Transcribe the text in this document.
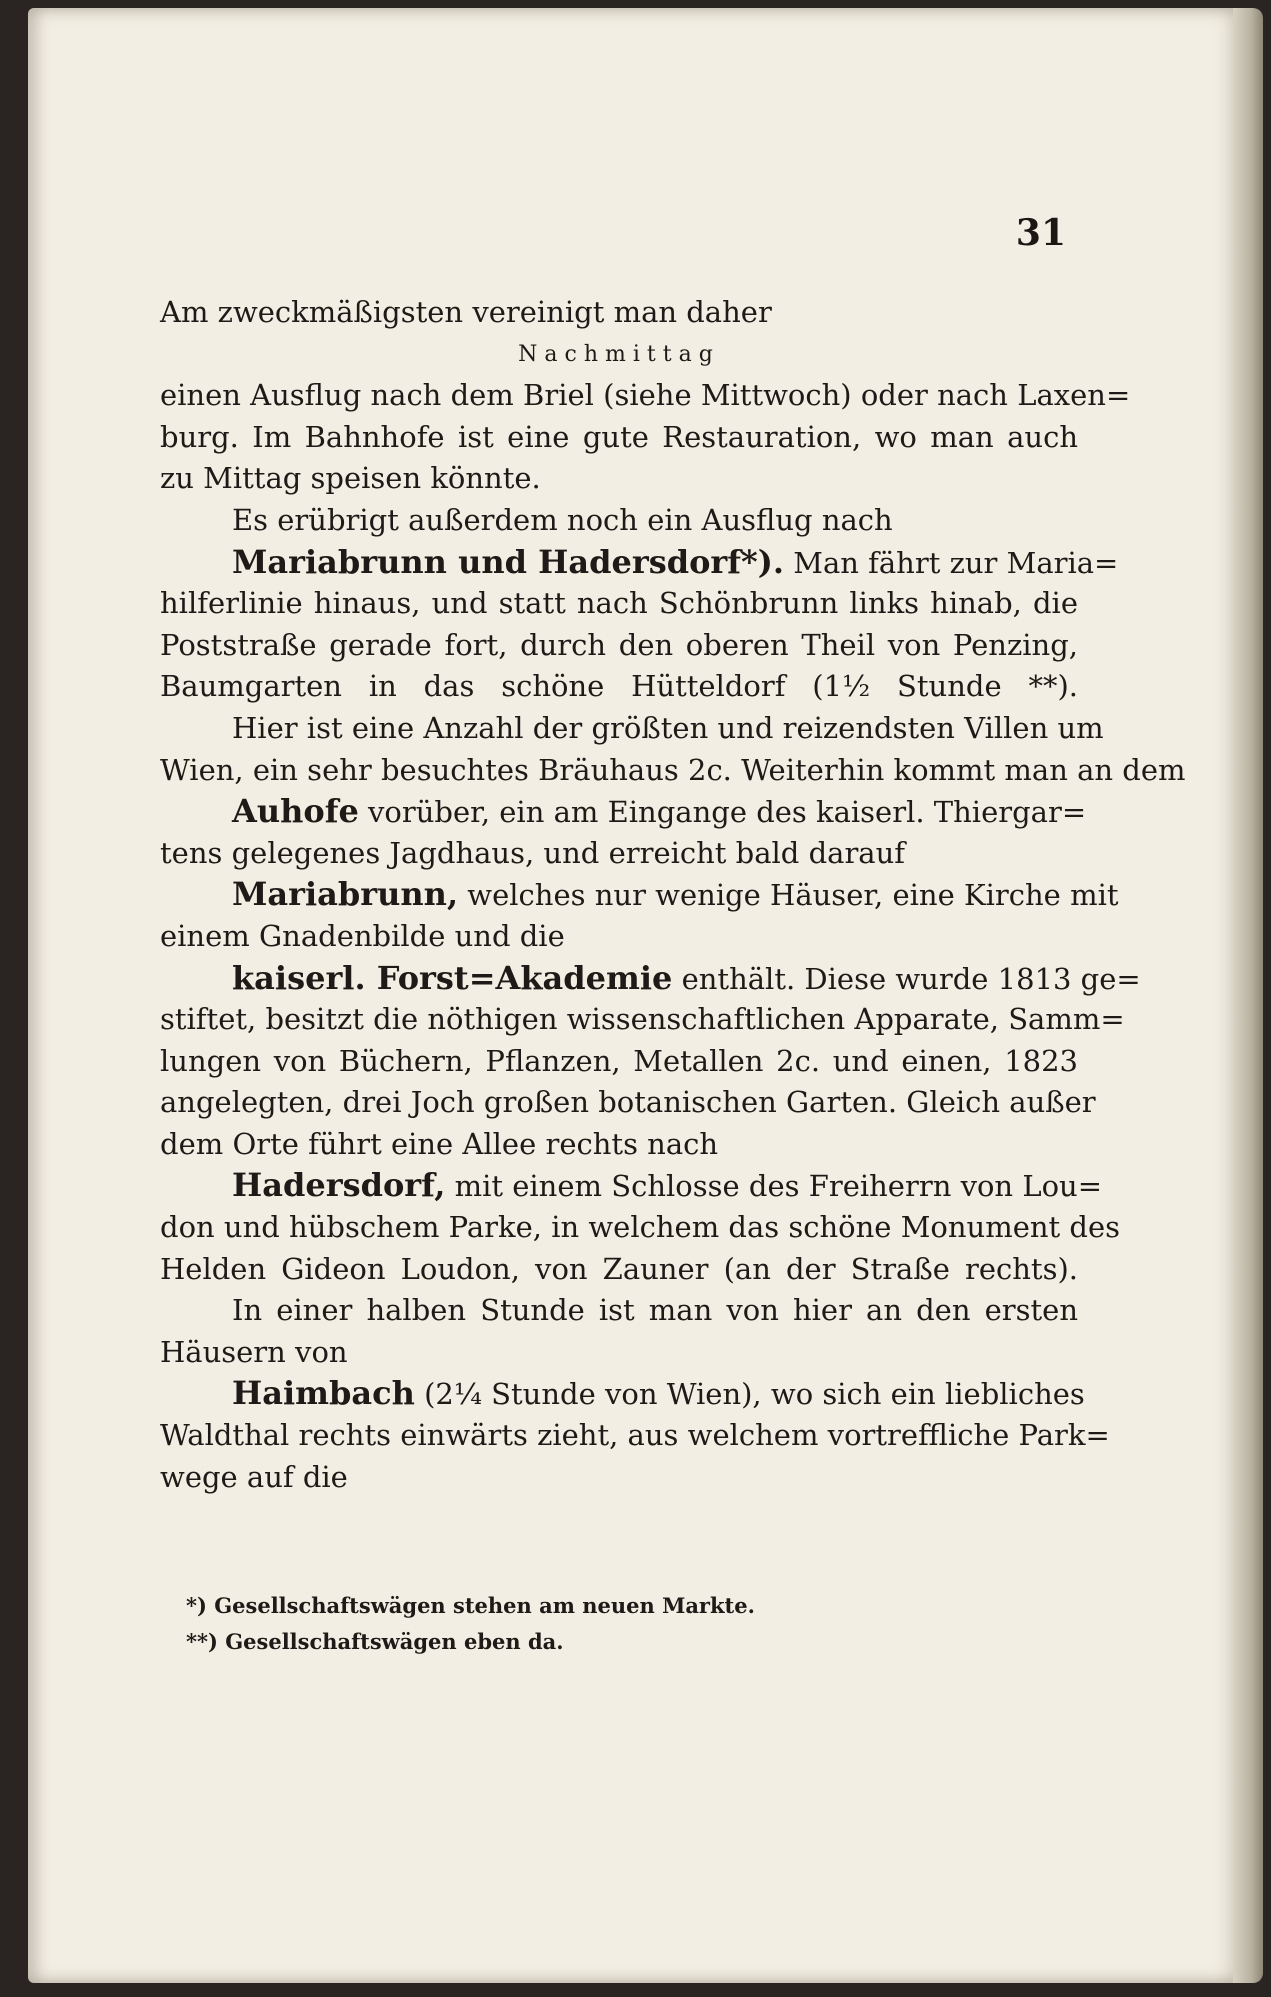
31
Am zweckmäßigsten vereinigt man daher
Nachmittag
einen Ausflug nach dem Briel (siehe Mittwoch) oder nach Laxen=
burg. Im Bahnhofe ist eine gute Restauration, wo man auch
zu Mittag speisen könnte.
Es erübrigt außerdem noch ein Ausflug nach
Mariabrunn und Hadersdorf*). Man fährt zur Maria=
hilferlinie hinaus, und statt nach Schönbrunn links hinab, die
Poststraße gerade fort, durch den oberen Theil von Penzing,
Baumgarten in das schöne Hütteldorf (1½ Stunde **).
Hier ist eine Anzahl der größten und reizendsten Villen um
Wien, ein sehr besuchtes Bräuhaus 2c. Weiterhin kommt man an dem
Auhofe vorüber, ein am Eingange des kaiserl. Thiergar=
tens gelegenes Jagdhaus, und erreicht bald darauf
Mariabrunn, welches nur wenige Häuser, eine Kirche mit
einem Gnadenbilde und die
kaiserl. Forst=Akademie enthält. Diese wurde 1813 ge=
stiftet, besitzt die nöthigen wissenschaftlichen Apparate, Samm=
lungen von Büchern, Pflanzen, Metallen 2c. und einen, 1823
angelegten, drei Joch großen botanischen Garten. Gleich außer
dem Orte führt eine Allee rechts nach
Hadersdorf, mit einem Schlosse des Freiherrn von Lou=
don und hübschem Parke, in welchem das schöne Monument des
Helden Gideon Loudon, von Zauner (an der Straße rechts).
In einer halben Stunde ist man von hier an den ersten
Häusern von
Haimbach (2¼ Stunde von Wien), wo sich ein liebliches
Waldthal rechts einwärts zieht, aus welchem vortreffliche Park=
wege auf die
*) Gesellschaftswägen stehen am neuen Markte.
**) Gesellschaftswägen eben da.
